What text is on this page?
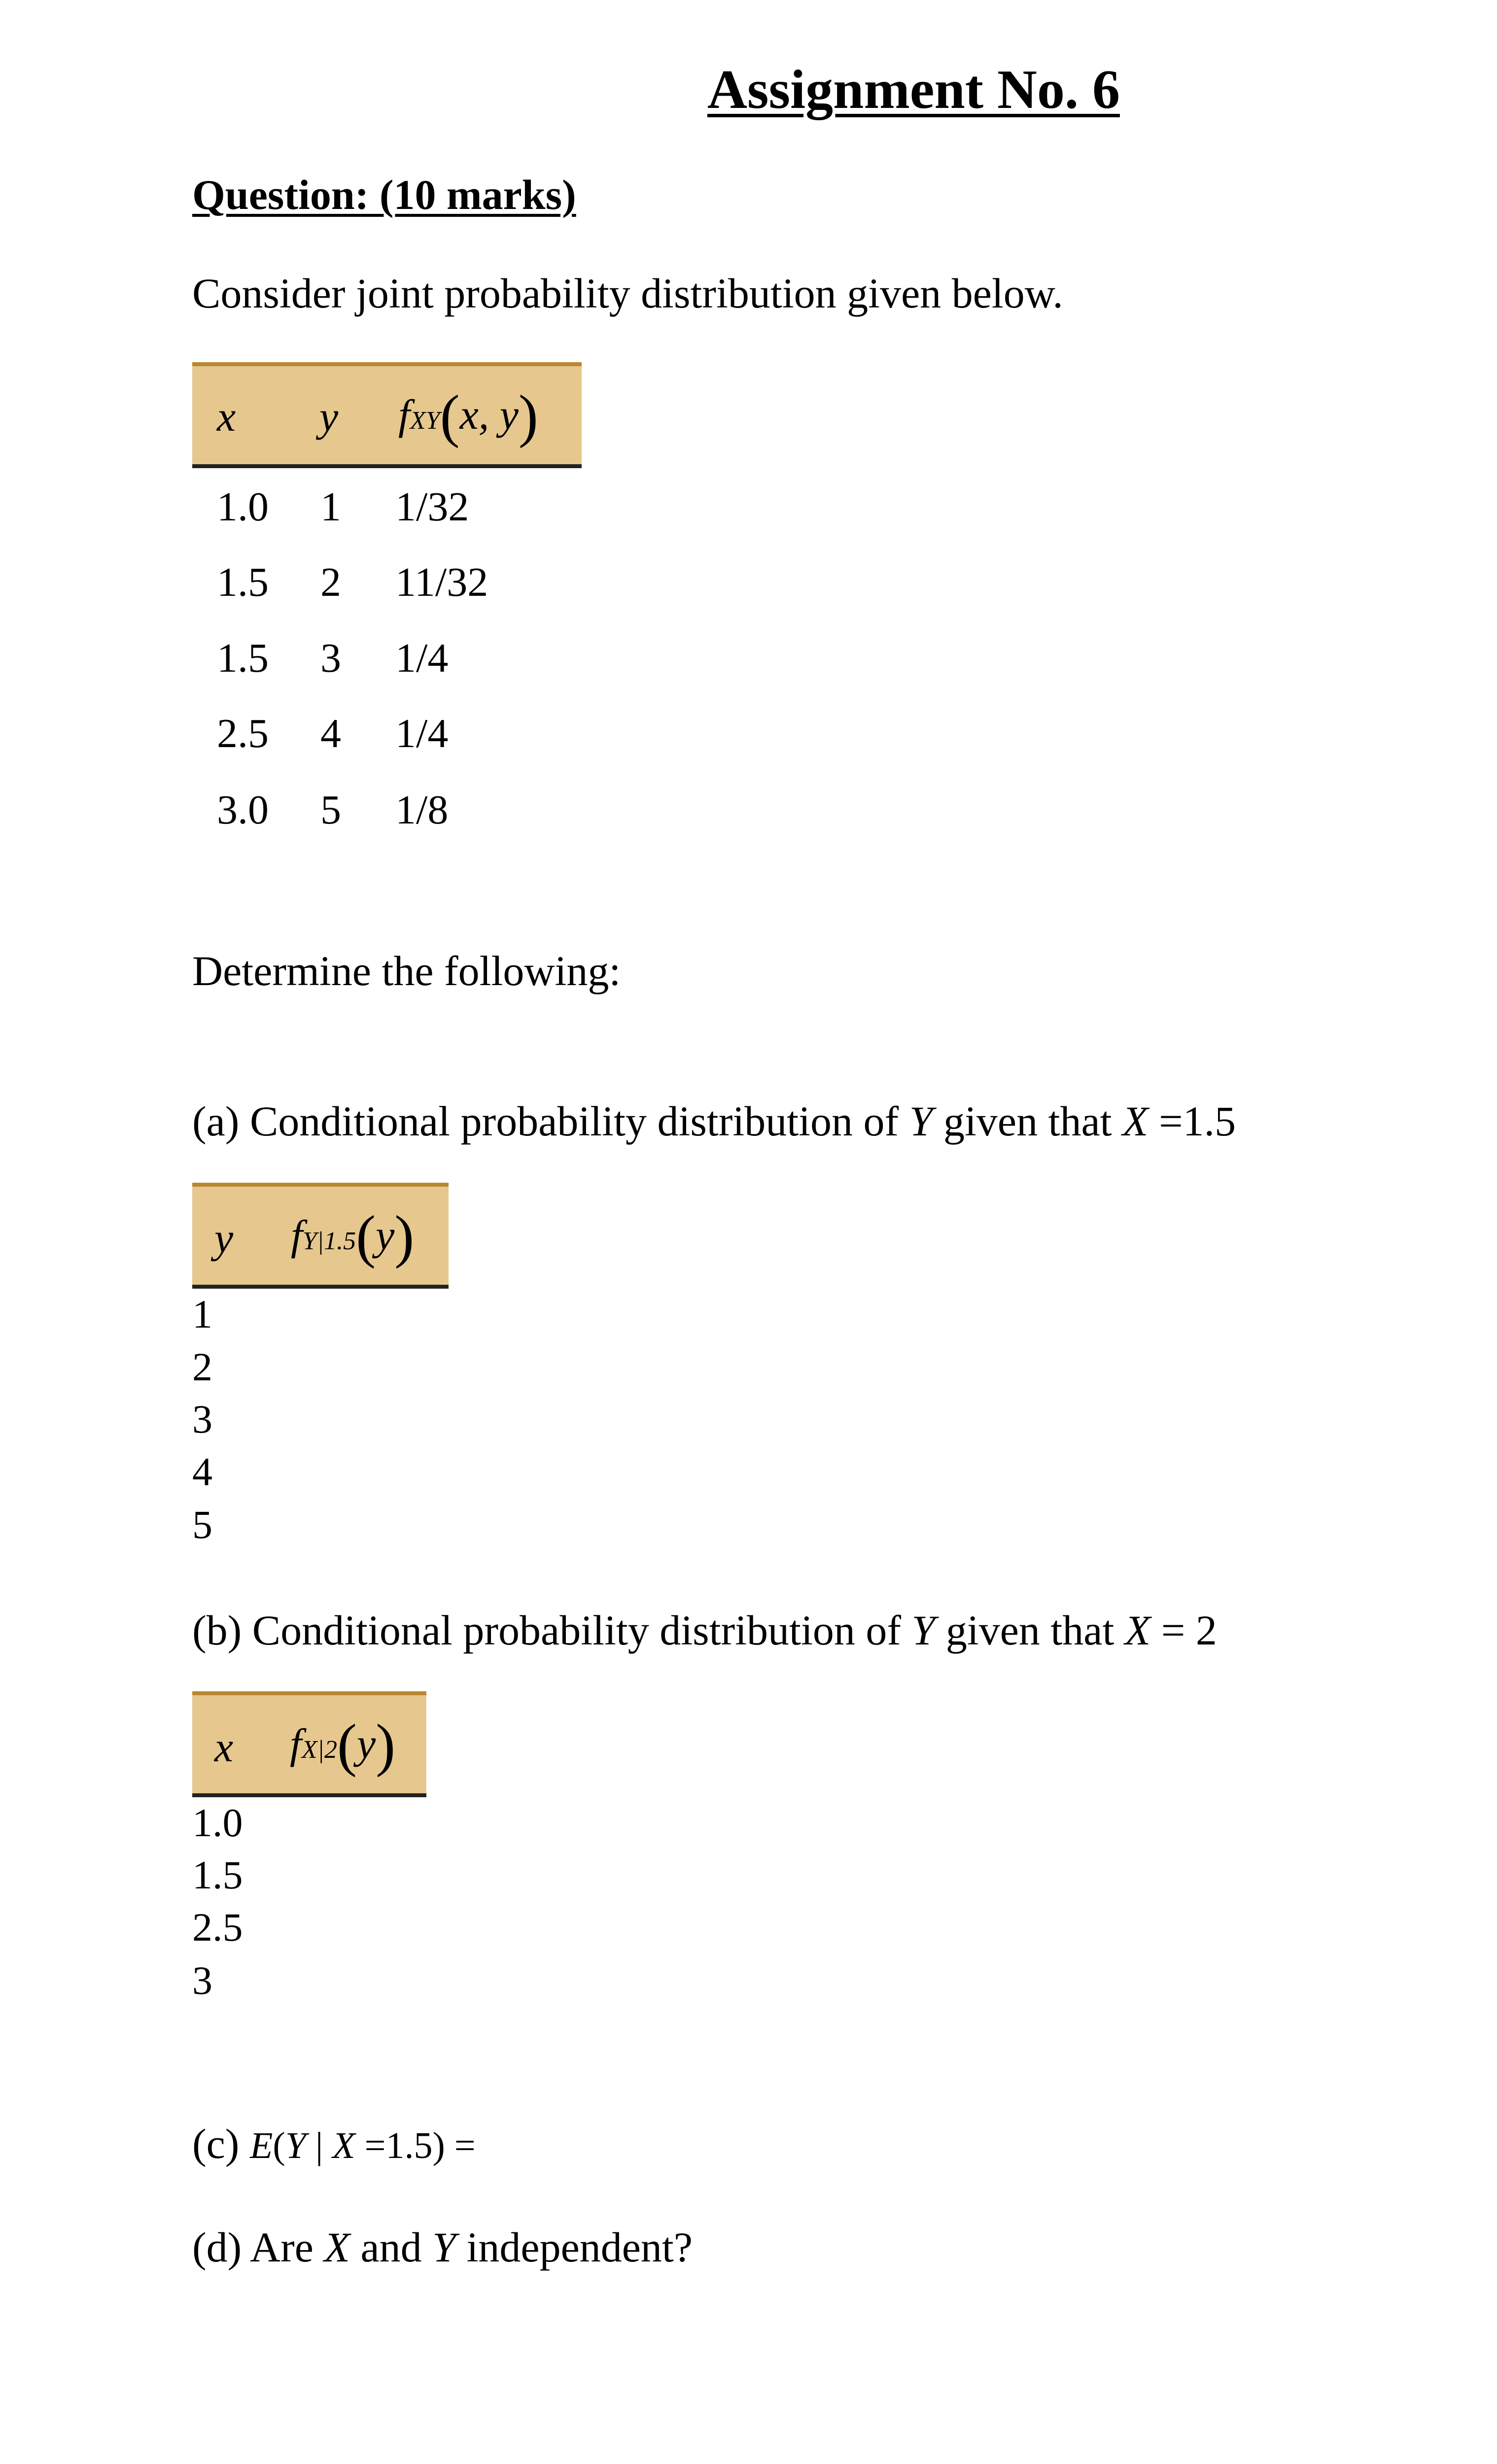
Assignment No. 6
Question: (10 marks)
Consider joint probability distribution given below.
x y fXY(x, y)
1.0 1 1/32
1.5 2 11/32
1.5 3 1/4
2.5 4 1/4
3.0 5 1/8
Determine the following:
(a) Conditional probability distribution of Y given that X =1.5
y fY|1.5(y)
1
2
3
4
5
(b) Conditional probability distribution of Y given that X = 2
x fX|2(y)
1.0
1.5
2.5
3
(c) E(Y | X =1.5) =
(d) Are X and Y independent?
